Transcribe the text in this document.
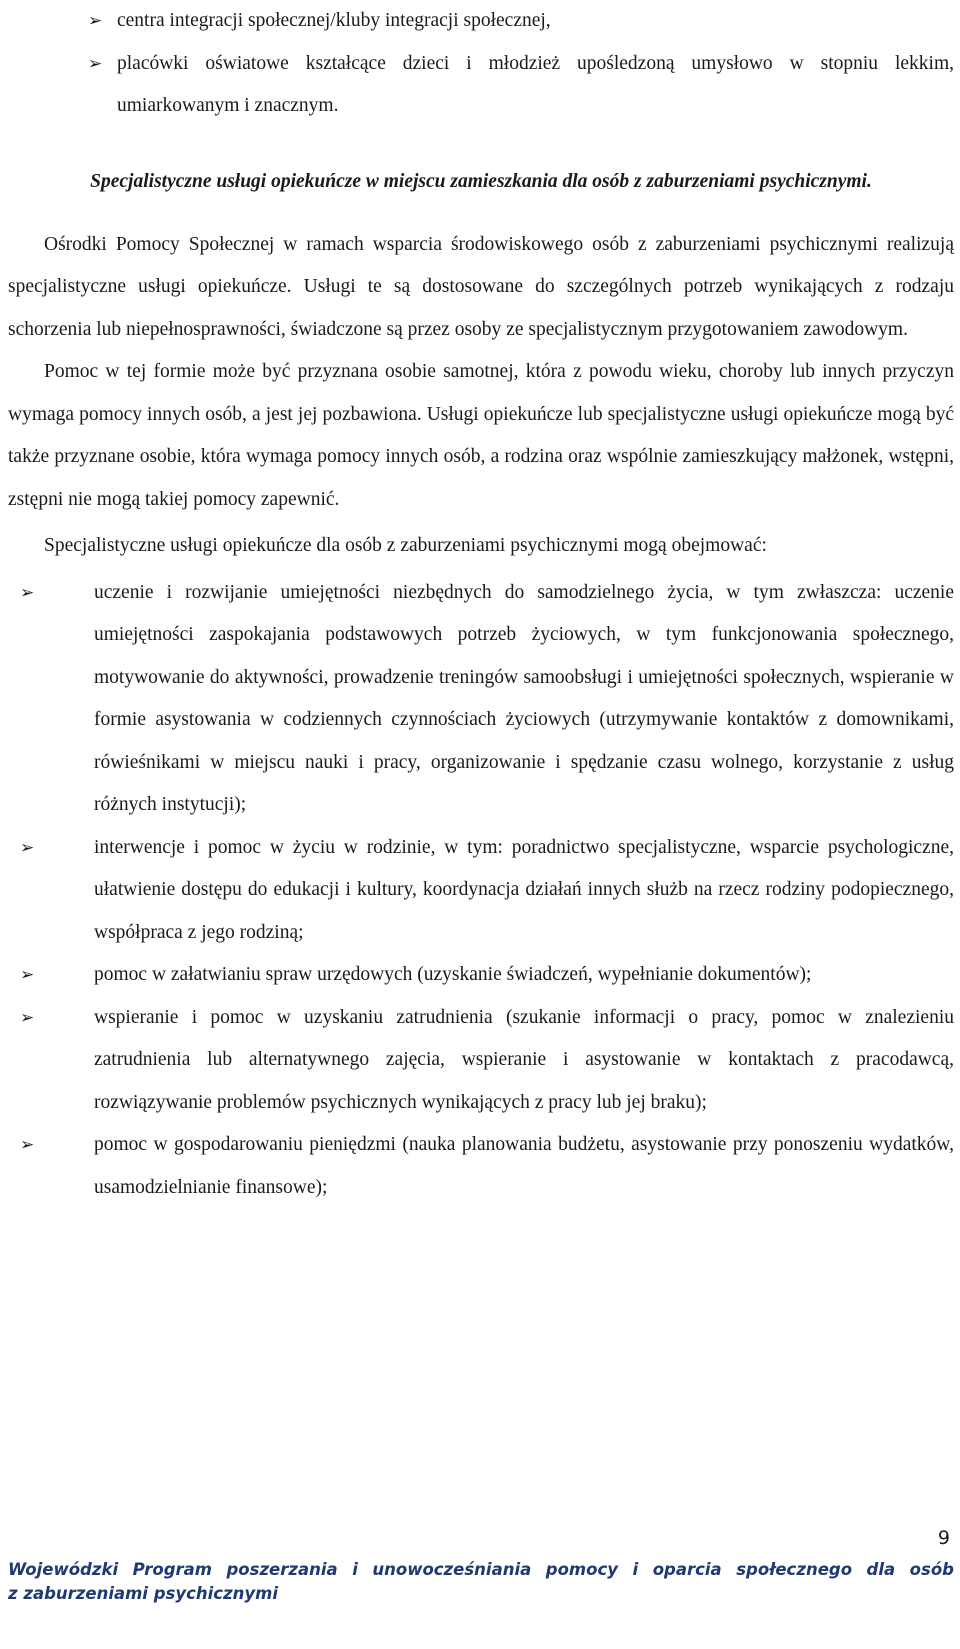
➢ centra integracji społecznej/kluby integracji społecznej,
➢ placówki oświatowe kształcące dzieci i młodzież upośledzoną umysłowo w stopniu lekkim, umiarkowanym i znacznym.

Specjalistyczne usługi opiekuńcze w miejscu zamieszkania dla osób z zaburzeniami psychicznymi.

Ośrodki Pomocy Społecznej w ramach wsparcia środowiskowego osób z zaburzeniami psychicznymi realizują specjalistyczne usługi opiekuńcze. Usługi te są dostosowane do szczególnych potrzeb wynikających z rodzaju schorzenia lub niepełnosprawności, świadczone są przez osoby ze specjalistycznym przygotowaniem zawodowym.

Pomoc w tej formie może być przyznana osobie samotnej, która z powodu wieku, choroby lub innych przyczyn wymaga pomocy innych osób, a jest jej pozbawiona. Usługi opiekuńcze lub specjalistyczne usługi opiekuńcze mogą być także przyznane osobie, która wymaga pomocy innych osób, a rodzina oraz wspólnie zamieszkujący małżonek, wstępni, zstępni nie mogą takiej pomocy zapewnić.

Specjalistyczne usługi opiekuńcze dla osób z zaburzeniami psychicznymi mogą obejmować:

➢	uczenie i rozwijanie umiejętności niezbędnych do samodzielnego życia, w tym zwłaszcza: uczenie umiejętności zaspokajania podstawowych potrzeb życiowych, w tym funkcjonowania społecznego, motywowanie do aktywności, prowadzenie treningów samoobsługi i umiejętności społecznych, wspieranie w formie asystowania w codziennych czynnościach życiowych (utrzymywanie kontaktów z domownikami, rówieśnikami w miejscu nauki i pracy, organizowanie i spędzanie czasu wolnego, korzystanie z usług różnych instytucji);
➢	interwencje i pomoc w życiu w rodzinie, w tym: poradnictwo specjalistyczne, wsparcie psychologiczne, ułatwienie dostępu do edukacji i kultury, koordynacja działań innych służb na rzecz rodziny podopiecznego, współpraca z jego rodziną;
➢	pomoc w załatwianiu spraw urzędowych (uzyskanie świadczeń, wypełnianie dokumentów);
➢	wspieranie i pomoc w uzyskaniu zatrudnienia (szukanie informacji o pracy, pomoc w znalezieniu zatrudnienia lub alternatywnego zajęcia, wspieranie i asystowanie w kontaktach z pracodawcą, rozwiązywanie problemów psychicznych wynikających z pracy lub jej braku);
➢	pomoc w gospodarowaniu pieniędzmi (nauka planowania budżetu, asystowanie przy ponoszeniu wydatków, usamodzielnianie finansowe);
9
Wojewódzki Program poszerzania i unowocześniania pomocy i oparcia społecznego dla osób
z zaburzeniami psychicznymi
